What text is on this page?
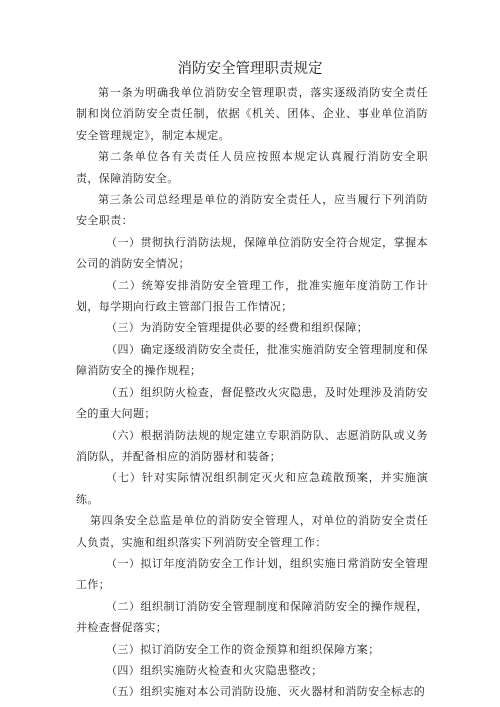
消防安全管理职责规定

第一条为明确我单位消防安全管理职责，落实逐级消防安全责任制和岗位消防安全责任制，依据《机关、团体、企业、事业单位消防安全管理规定》，制定本规定。

第二条单位各有关责任人员应按照本规定认真履行消防安全职责，保障消防安全。

第三条公司总经理是单位的消防安全责任人，应当履行下列消防安全职责：

（一）贯彻执行消防法规，保障单位消防安全符合规定，掌握本公司的消防安全情况；

（二）统筹安排消防安全管理工作，批准实施年度消防工作计划，每学期向行政主管部门报告工作情况；

（三）为消防安全管理提供必要的经费和组织保障；

（四）确定逐级消防安全责任，批准实施消防安全管理制度和保障消防安全的操作规程；

（五）组织防火检查，督促整改火灾隐患，及时处理涉及消防安全的重大问题；

（六）根据消防法规的规定建立专职消防队、志愿消防队或义务消防队，并配备相应的消防器材和装备；

（七）针对实际情况组织制定灭火和应急疏散预案，并实施演练。

第四条安全总监是单位的消防安全管理人，对单位的消防安全责任人负责，实施和组织落实下列消防安全管理工作：

（一）拟订年度消防安全工作计划，组织实施日常消防安全管理工作；

（二）组织制订消防安全管理制度和保障消防安全的操作规程，并检查督促落实；

（三）拟订消防安全工作的资金预算和组织保障方案；

（四）组织实施防火检查和火灾隐患整改；

（五）组织实施对本公司消防设施、灭火器材和消防安全标志的
